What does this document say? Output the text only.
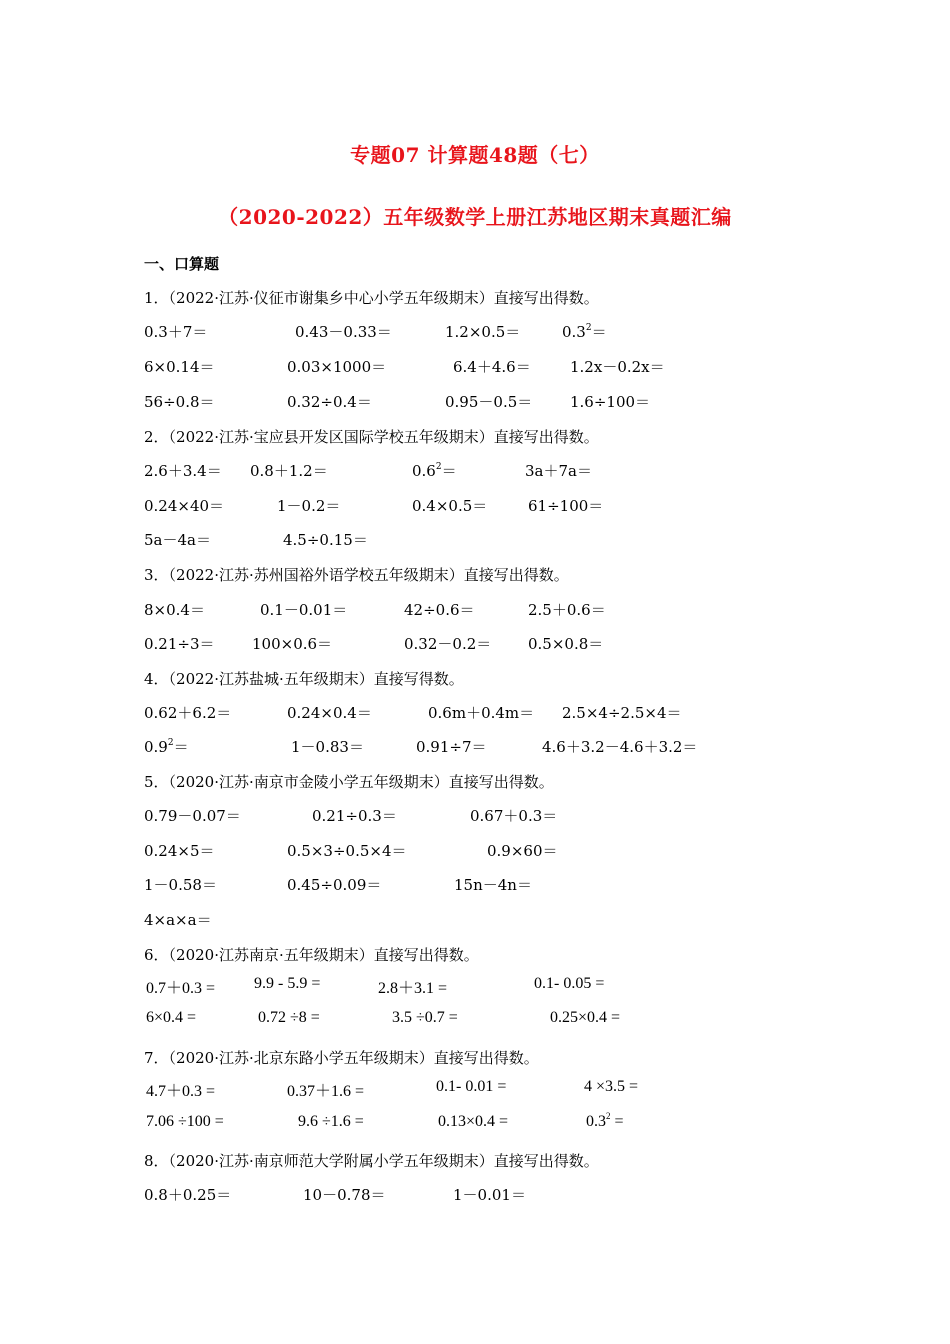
专题07 计算题48题（七）
（2020-2022）五年级数学上册江苏地区期末真题汇编
一、口算题
1．（2022·江苏·仪征市谢集乡中心小学五年级期末）直接写出得数。
0.3＋7＝	0.43－0.33＝	1.2×0.5＝	$0.3^2=$
6×0.14＝	0.03×1000＝	6.4＋4.6＝	1.2x－0.2x＝
56÷0.8＝	0.32÷0.4＝	0.95－0.5＝	1.6÷100＝
2．（2022·江苏·宝应县开发区国际学校五年级期末）直接写出得数。
2.6＋3.4＝ 0.8＋1.2＝	$0.6^2=$	3a＋7a＝
0.24×40＝	1－0.2＝	0.4×0.5＝	61÷100＝
5a－4a＝	4.5÷0.15＝
3．（2022·江苏·苏州国裕外语学校五年级期末）直接写出得数。
8×0.4＝	0.1－0.01＝	42÷0.6＝	2.5＋0.6＝
0.21÷3＝ 100×0.6＝	0.32－0.2＝ 0.5×0.8＝
4．（2022·江苏盐城·五年级期末）直接写得数。
0.62＋6.2＝	0.24×0.4＝	0.6m＋0.4m＝ 2.5×4÷2.5×4＝
$0.9^2=$	1－0.83＝	0.91÷7＝	4.6＋3.2－4.6＋3.2＝
5．（2020·江苏·南京市金陵小学五年级期末）直接写出得数。
0.79－0.07＝	0.21÷0.3＝	0.67＋0.3＝
0.24×5＝	0.5×3÷0.5×4＝	0.9×60＝
1－0.58＝	0.45÷0.09＝	15n－4n＝
4×a×a＝
6．（2020·江苏南京·五年级期末）直接写出得数。
0.7＋0.3 = 9.9 - 5.9 =	2.8＋3.1 =	0.1- 0.05 =
6×0.4 =	0.72 ÷8 =	3.5 ÷0.7 =	0.25×0.4 =
7．（2020·江苏·北京东路小学五年级期末）直接写出得数。
4.7＋0.3 =	0.37＋1.6 =	0.1- 0.01 =	4 ×3.5 =
7.06 ÷100 =	9.6 ÷1.6 =	0.13×0.4 =	$0.3^2$ =
8．（2020·江苏·南京师范大学附属小学五年级期末）直接写出得数。
0.8＋0.25＝	10－0.78＝	1－0.01＝
